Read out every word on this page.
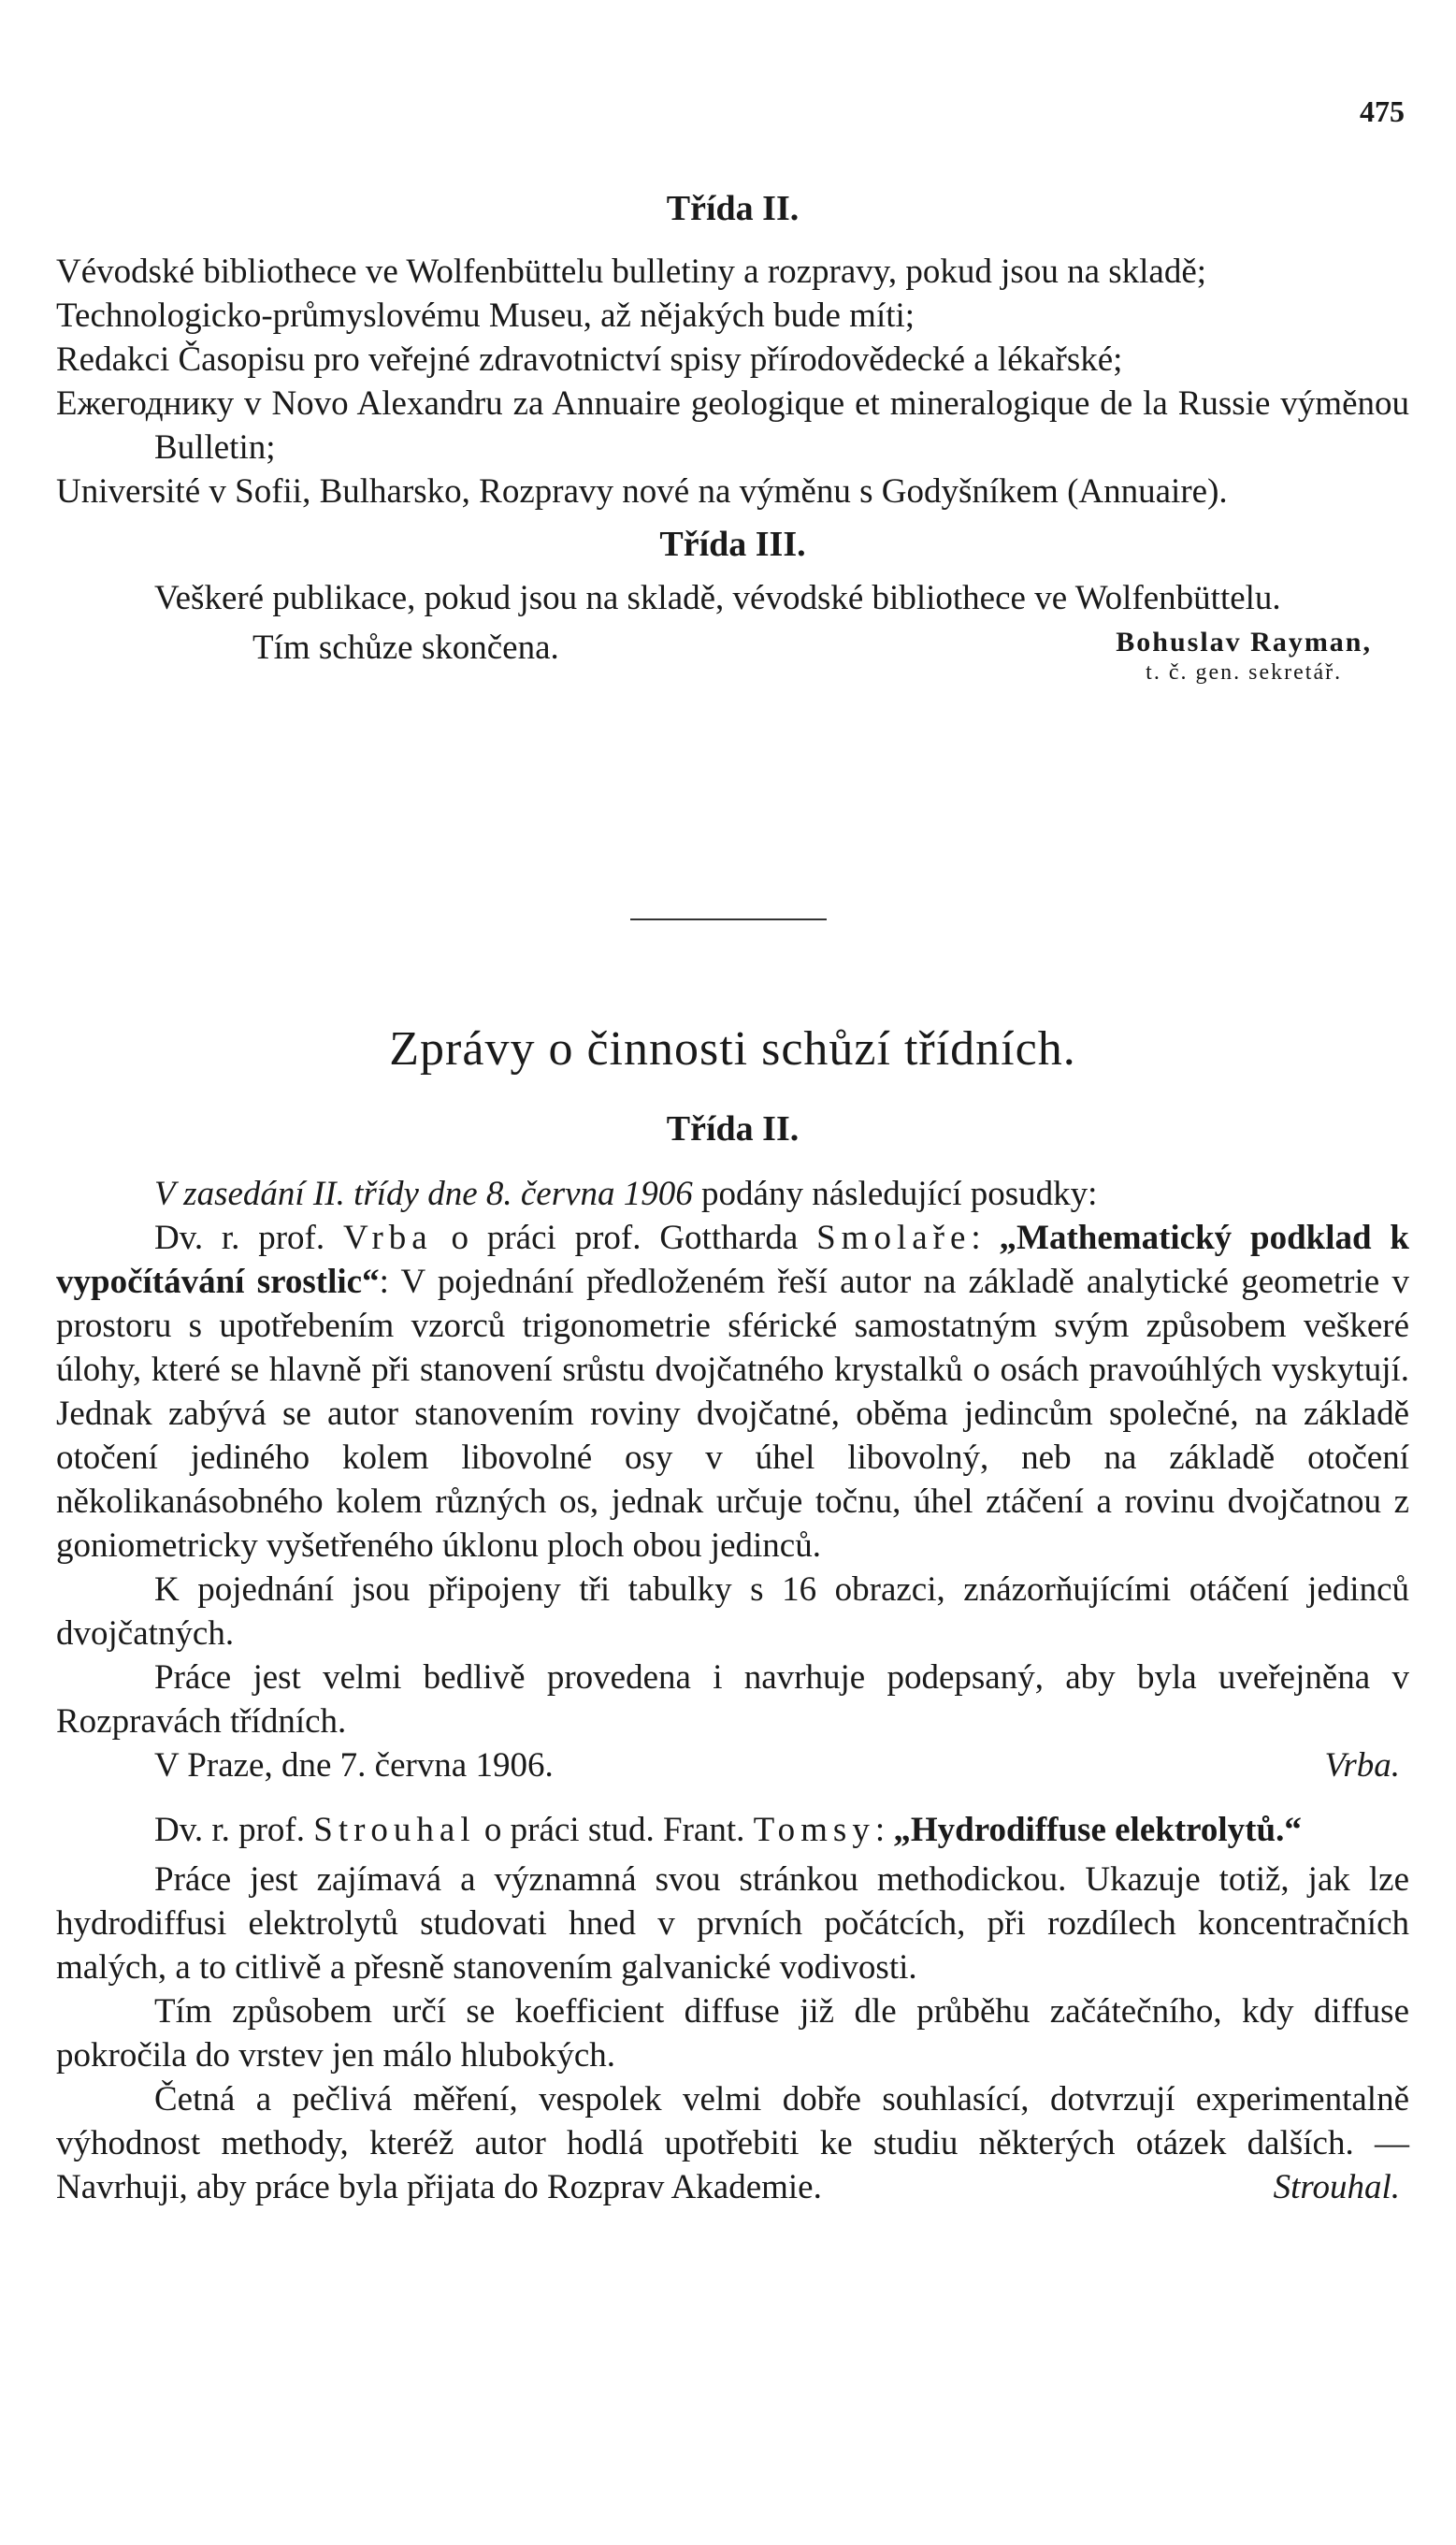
475
Třída II.

Vévodské bibliothece ve Wolfenbüttelu bulletiny a rozpravy, pokud jsou na skladě;

Technologicko-průmyslovému Museu, až nějakých bude míti;

Redakci Časopisu pro veřejné zdravotnictví spisy přírodovědecké a lékařské;

Ежегоднику v Novo Alexandru za Annuaire geologique et mineralogique de la Russie výměnou Bulletin;

Université v Sofii, Bulharsko, Rozpravy nové na výměnu s Godyšníkem (Annuaire).

Třída III.

Veškeré publikace, pokud jsou na skladě, vévodské bibliothece ve Wolfenbüttelu.

Tím schůze skončena.	Bohuslav Rayman,
t. č. gen. sekretář.
Zprávy o činnosti schůzí třídních.
Třída II.

V zasedání II. třídy dne 8. června 1906 podány následující posudky:

Dv. r. prof. Vrba o práci prof. Gottharda Smolaře: „Mathematický podklad k vypočítávání srostlic“: V pojednání předloženém řeší autor na základě analytické geometrie v prostoru s upotřebením vzorců trigonometrie sférické samostatným svým způsobem veškeré úlohy, které se hlavně při stanovení srůstu dvojčatného krystalků o osách pravoúhlých vyskytují. Jednak zabývá se autor stanovením roviny dvojčatné, oběma jedincům společné, na základě otočení jediného kolem libovolné osy v úhel libovolný, neb na základě otočení několikanásobného kolem různých os, jednak určuje točnu, úhel ztáčení a rovinu dvojčatnou z goniometricky vyšetřeného úklonu ploch obou jedinců.

K pojednání jsou připojeny tři tabulky s 16 obrazci, znázorňujícími otáčení jedinců dvojčatných.

Práce jest velmi bedlivě provedena i navrhuje podepsaný, aby byla uveřejněna v Rozpravách třídních.

V Praze, dne 7. června 1906.	Vrba.

Dv. r. prof. Strouhal o práci stud. Frant. Tomsy: „Hydrodiffuse elektrolytů.“

Práce jest zajímavá a významná svou stránkou methodickou. Ukazuje totiž, jak lze hydrodiffusi elektrolytů studovati hned v prvních počátcích, při rozdílech koncentračních malých, a to citlivě a přesně stanovením galvanické vodivosti.

Tím způsobem určí se koefficient diffuse již dle průběhu začátečního, kdy diffuse pokročila do vrstev jen málo hlubokých.

Četná a pečlivá měření, vespolek velmi dobře souhlasící, dotvrzují experimentalně výhodnost methody, kteréž autor hodlá upotřebiti ke studiu některých otázek dalších. — Navrhuji, aby práce byla přijata do Rozprav Akademie.	Strouhal.
